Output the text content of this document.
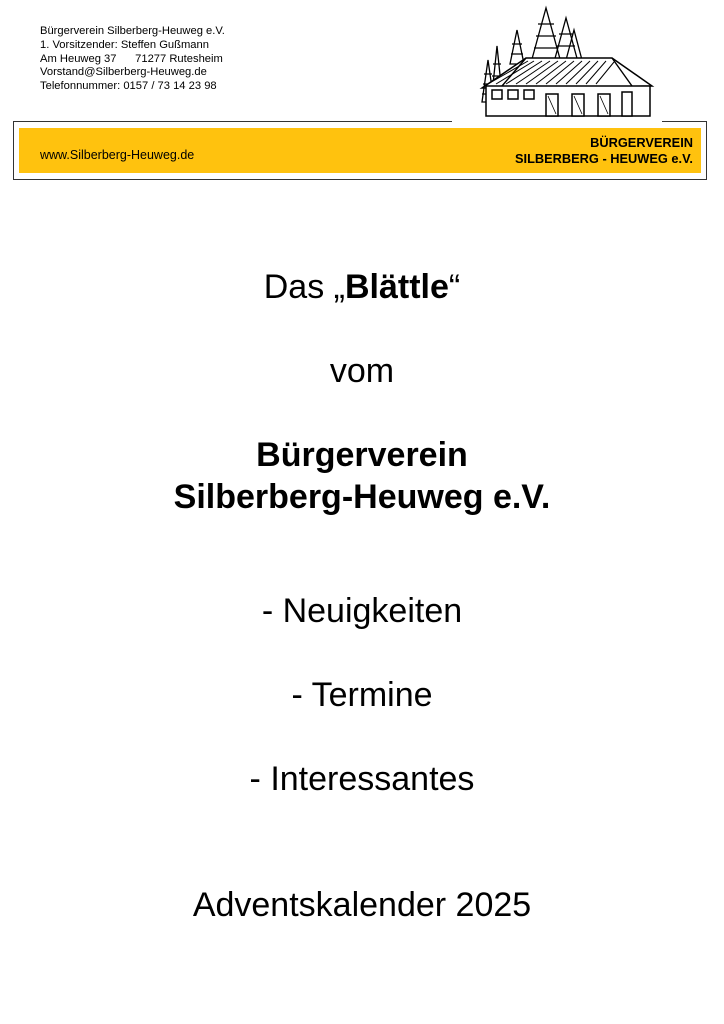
Bürgerverein Silberberg-Heuweg e.V.
1. Vorsitzender: Steffen Gußmann
Am Heuweg 37      71277 Rutesheim
Vorstand@Silberberg-Heuweg.de
Telefonnummer: 0157 / 73 14 23 98
www.Silberberg-Heuweg.de
BÜRGERVEREIN
SILBERBERG - HEUWEG e.V.
Das „Blättle“
vom
Bürgerverein
Silberberg-Heuweg e.V.
- Neuigkeiten
- Termine
- Interessantes
Adventskalender 2025
